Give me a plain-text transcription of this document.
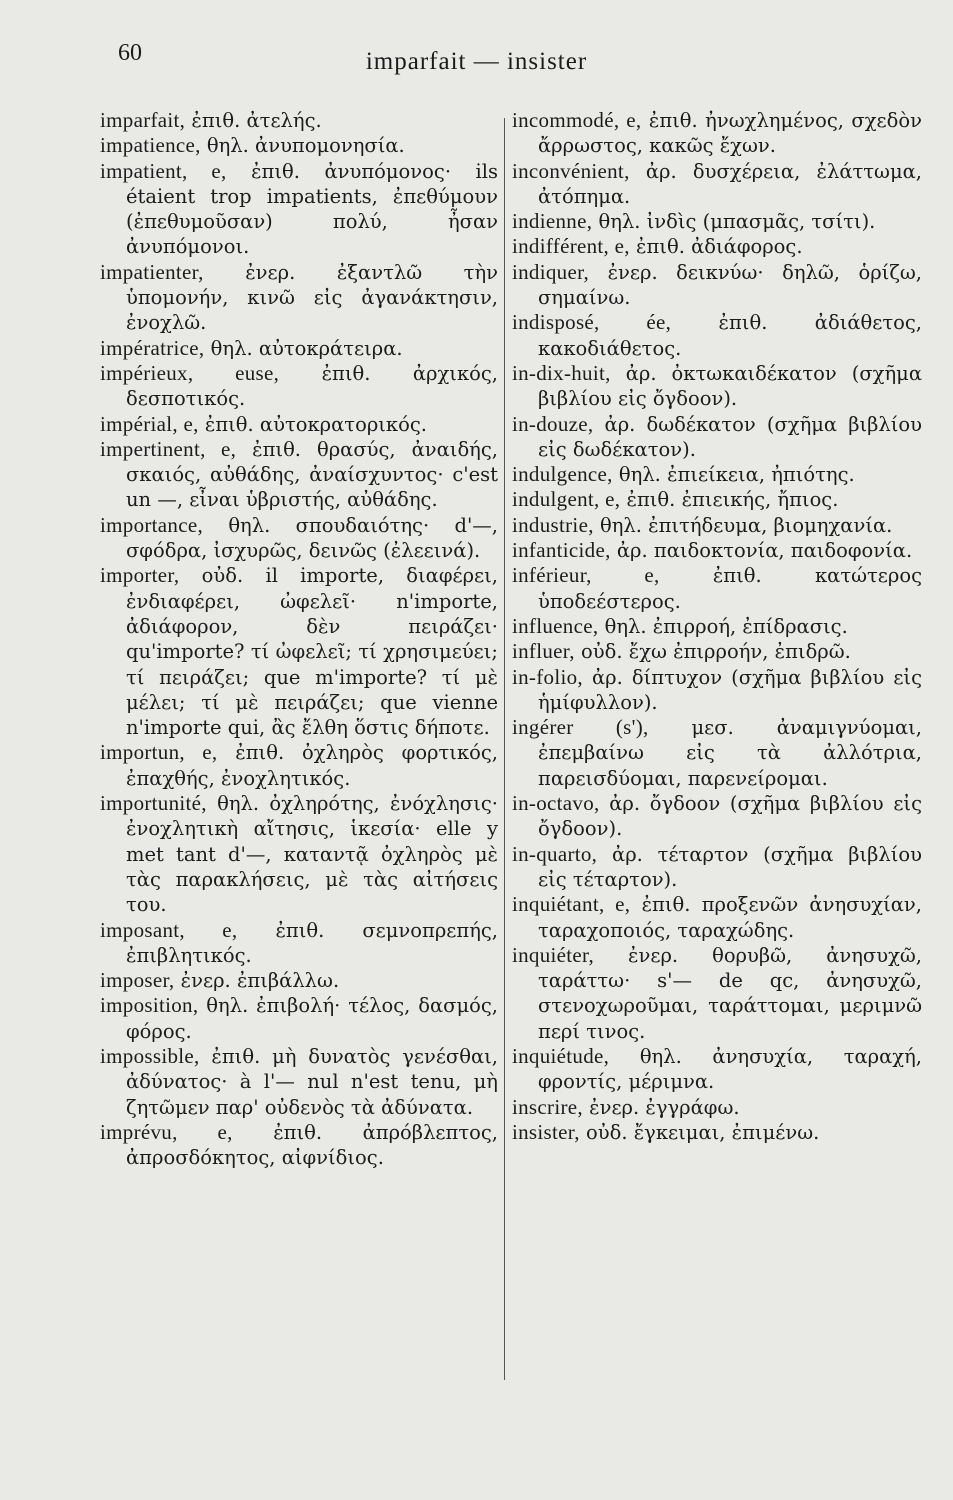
60	imparfait — insister

imparfait, ἐπιθ. ἀτελής.

impatience, θηλ. ἀνυπομονησία.

impatient, e, ἐπιθ. ἀνυπόμονος· ils étaient trop impatients, ἐπεθύμουν (ἐπεθυμοῦσαν) πολύ, ἦσαν ἀνυπόμονοι.

impatienter, ἐνερ. ἐξαντλῶ τὴν ὑπομονήν, κινῶ εἰς ἀγανάκτησιν, ἐνοχλῶ.

impératrice, θηλ. αὐτοκράτειρα.

impérieux, euse, ἐπιθ. ἀρχικός, δεσποτικός.

impérial, e, ἐπιθ. αὐτοκρατορικός.

impertinent, e, ἐπιθ. θρασύς, ἀναιδής, σκαιός, αὐθάδης, ἀναίσχυντος· c'est un —, εἶναι ὑβριστής, αὐθάδης.

importance, θηλ. σπουδαιότης· d'—, σφόδρα, ἰσχυρῶς, δεινῶς (ἐλεεινά).

importer, οὐδ. il importe, διαφέρει, ἐνδιαφέρει, ὠφελεῖ· n'importe, ἀδιάφορον, δὲν πειράζει· qu'importe? τί ὠφελεῖ; τί χρησιμεύει; τί πειράζει; que m'importe? τί μὲ μέλει; τί μὲ πειράζει; que vienne n'importe qui, ἂς ἔλθη ὅστις δήποτε.

importun, e, ἐπιθ. ὀχληρὸς φορτικός, ἐπαχθής, ἐνοχλητικός.

importunité, θηλ. ὀχληρότης, ἐνόχλησις· ἐνοχλητικὴ αἴτησις, ἱκεσία· elle y met tant d'—, καταντᾷ ὀχληρὸς μὲ τὰς παρακλήσεις, μὲ τὰς αἰτήσεις του.

imposant, e, ἐπιθ. σεμνοπρεπής, ἐπιβλητικός.

imposer, ἐνερ. ἐπιβάλλω.

imposition, θηλ. ἐπιβολή· τέλος, δασμός, φόρος.

impossible, ἐπιθ. μὴ δυνατὸς γενέσθαι, ἀδύνατος· à l'— nul n'est tenu, μὴ ζητῶμεν παρ' οὐδενὸς τὰ ἀδύνατα.

imprévu, e, ἐπιθ. ἀπρόβλεπτος, ἀπροσδόκητος, αἰφνίδιος.

incommodé, e, ἐπιθ. ἠνωχλημένος, σχεδὸν ἄρρωστος, κακῶς ἔχων.

inconvénient, ἀρ. δυσχέρεια, ἐλάττωμα, ἀτόπημα.

indienne, θηλ. ἰνδὶς (μπασμᾶς, τσίτι).

indifférent, e, ἐπιθ. ἀδιάφορος.

indiquer, ἐνερ. δεικνύω· δηλῶ, ὁρίζω, σημαίνω.

indisposé, ée, ἐπιθ. ἀδιάθετος, κακοδιάθετος.

in-dix-huit, ἀρ. ὀκτωκαιδέκατον (σχῆμα βιβλίου εἰς ὄγδοον).

in-douze, ἀρ. δωδέκατον (σχῆμα βιβλίου εἰς δωδέκατον).

indulgence, θηλ. ἐπιείκεια, ἠπιότης.

indulgent, e, ἐπιθ. ἐπιεικής, ἤπιος.

industrie, θηλ. ἐπιτήδευμα, βιομηχανία.

infanticide, ἀρ. παιδοκτονία, παιδοφονία.

inférieur, e,	ἐπιθ. κατώτερος ὑποδεέστερος.

influence, θηλ. ἐπιρροή, ἐπίδρασις.

influer, οὐδ. ἔχω ἐπιρροήν, ἐπιδρῶ.

in-folio, ἀρ. δίπτυχον (σχῆμα βιβλίου εἰς ἡμίφυλλον).

ingérer (s'), μεσ. ἀναμιγνύομαι, ἐπεμβαίνω εἰς τὰ ἀλλότρια, παρεισδύομαι, παρενείρομαι.

in-octavo, ἀρ. ὄγδοον (σχῆμα βιβλίου εἰς ὄγδοον).

in-quarto, ἀρ. τέταρτον (σχῆμα βιβλίου εἰς τέταρτον).

inquiétant, e, ἐπιθ. προξενῶν ἀνησυχίαν, ταραχοποιός, ταραχώδης.

inquiéter, ἐνερ. θορυβῶ, ἀνησυχῶ, ταράττω· s'— de qc, ἀνησυχῶ, στενοχωροῦμαι, ταράττομαι, μεριμνῶ περί τινος.

inquiétude, θηλ. ἀνησυχία, ταραχή, φροντίς, μέριμνα.

inscrire, ἐνερ. ἐγγράφω.

insister, οὐδ. ἔγκειμαι, ἐπιμένω.
